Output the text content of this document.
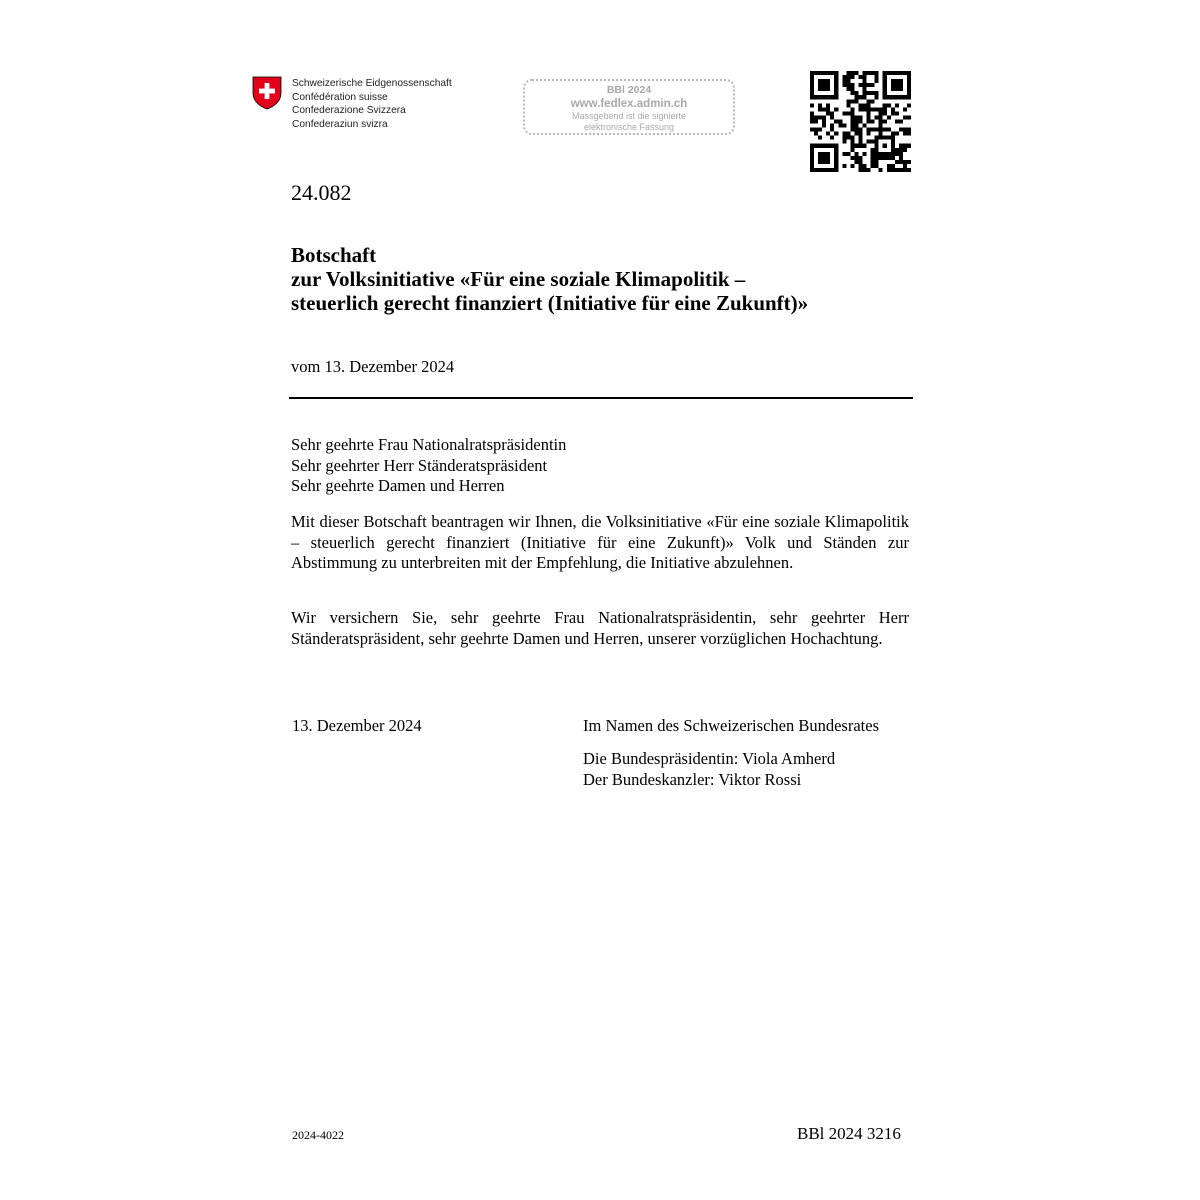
Schweizerische Eidgenossenschaft
Confédération suisse
Confederazione Svizzera
Confederaziun svizra
BBl 2024
www.fedlex.admin.ch
Massgebend ist die signierte
elektronische Fassung
24.082
Botschaft
zur Volksinitiative «Für eine soziale Klimapolitik –
steuerlich gerecht finanziert (Initiative für eine Zukunft)»
vom 13. Dezember 2024
Sehr geehrte Frau Nationalratspräsidentin
Sehr geehrter Herr Ständeratspräsident
Sehr geehrte Damen und Herren
Mit dieser Botschaft beantragen wir Ihnen, die Volksinitiative «Für eine soziale Klimapolitik – steuerlich gerecht finanziert (Initiative für eine Zukunft)» Volk und Ständen zur Abstimmung zu unterbreiten mit der Empfehlung, die Initiative abzulehnen.
Wir versichern Sie, sehr geehrte Frau Nationalratspräsidentin, sehr geehrter Herr Ständeratspräsident, sehr geehrte Damen und Herren, unserer vorzüglichen Hochachtung.
13. Dezember 2024	Im Namen des Schweizerischen Bundesrates
Die Bundespräsidentin: Viola Amherd
Der Bundeskanzler: Viktor Rossi
2024-4022	BBl 2024 3216
